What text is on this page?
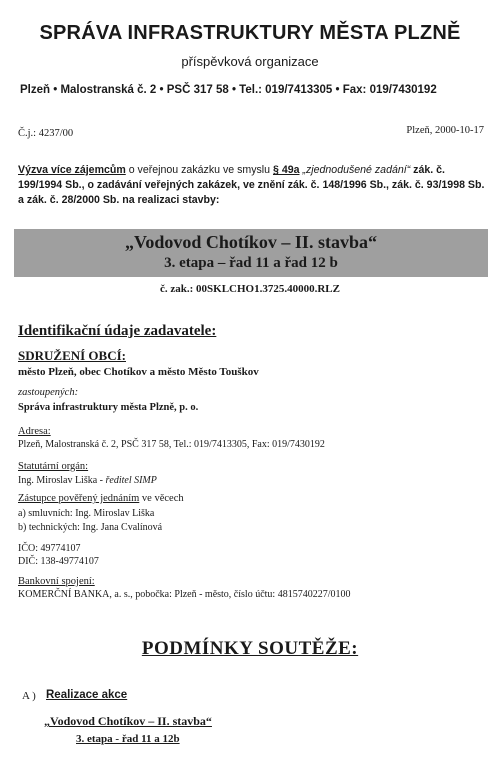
SPRÁVA INFRASTRUKTURY MĚSTA PLZNĚ
příspěvková organizace
Plzeň • Malostranská č. 2 • PSČ 317 58 • Tel.: 019/7413305 • Fax: 019/7430192
Č.j.: 4237/00	Plzeň, 2000-10-17
Výzva více zájemcům o veřejnou zakázku ve smyslu § 49a „zjednodušené zadání“ zák. č. 199/1994 Sb., o zadávání veřejných zakázek, ve znění zák. č. 148/1996 Sb., zák. č. 93/1998 Sb. a zák. č. 28/2000 Sb. na realizaci stavby:
„Vodovod Chotíkov – II. stavba“
3. etapa – řad 11 a řad 12 b
č. zak.: 00SKLCHO1.3725.40000.RLZ
Identifikační údaje zadavatele:
SDRUŽENÍ OBCÍ:
město Plzeň, obec Chotíkov a město Město Touškov
zastoupených:
Správa infrastruktury města Plzně, p. o.
Adresa:
Plzeň, Malostranská č. 2, PSČ 317 58, Tel.: 019/7413305, Fax: 019/7430192
Statutární orgán:
Ing. Miroslav Liška - ředitel SIMP
Zástupce pověřený jednáním ve věcech
a) smluvních: Ing. Miroslav Liška
b) technických: Ing. Jana Cvalínová
IČO: 49774107
DIČ: 138-49774107
Bankovní spojení:
KOMERČNÍ BANKA, a. s., pobočka: Plzeň - město, číslo účtu: 4815740227/0100
PODMÍNKY SOUTĚŽE:
A ) Realizace akce
„Vodovod Chotíkov – II. stavba“
3. etapa - řad 11 a 12b
